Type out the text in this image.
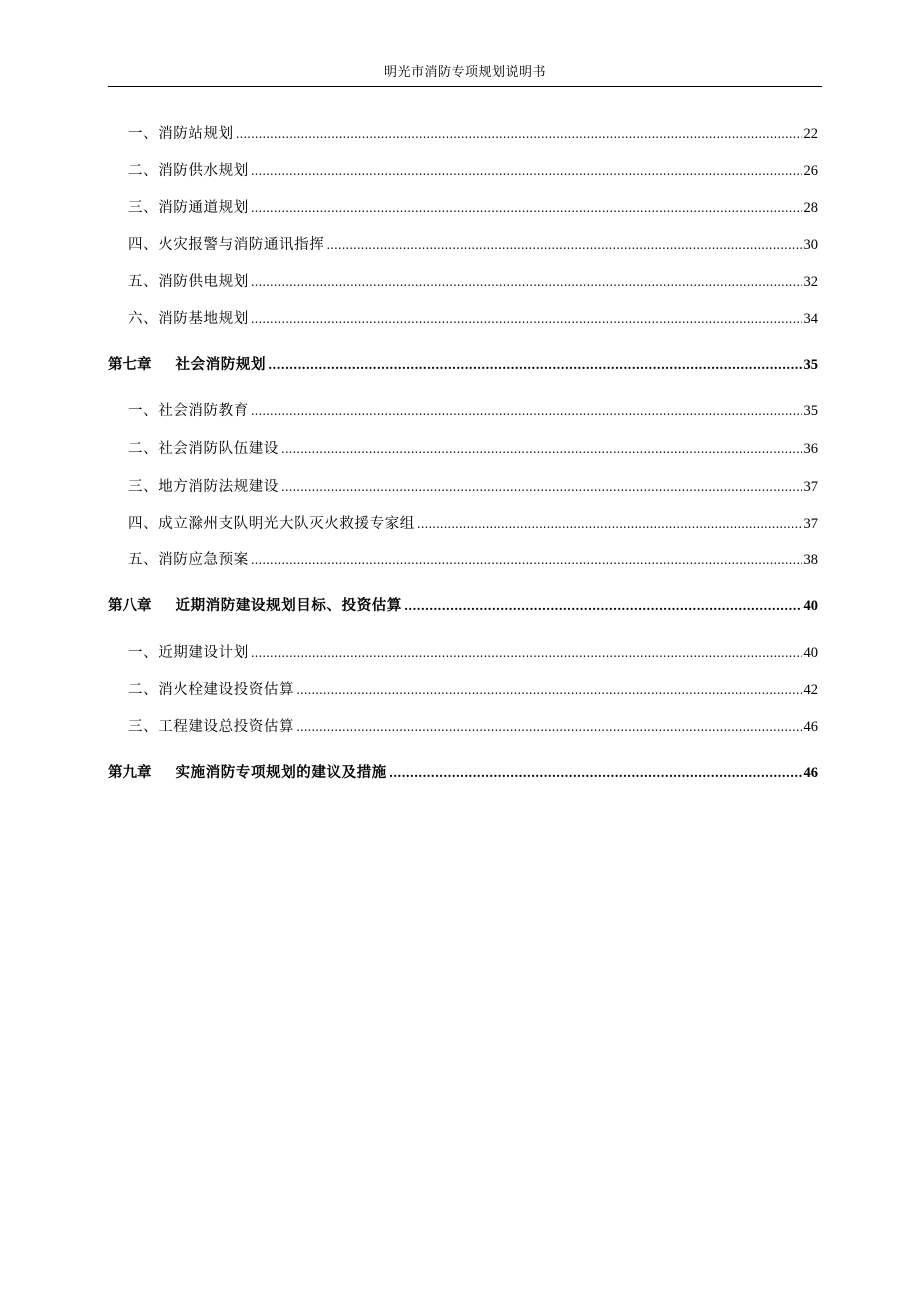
明光市消防专项规划说明书
一、消防站规划 .....	22
二、消防供水规划 .....	26
三、消防通道规划 .....	28
四、火灾报警与消防通讯指挥 .....	30
五、消防供电规划 .....	32
六、消防基地规划 .....	34
第七章 社会消防规划 .....	35
一、社会消防教育 .....	35
二、社会消防队伍建设 .....	36
三、地方消防法规建设 .....	37
四、成立滁州支队明光大队灭火救援专家组 .....	37
五、消防应急预案 .....	38
第八章 近期消防建设规划目标、投资估算 .....	40
一、近期建设计划 .....	40
二、消火栓建设投资估算 .....	42
三、工程建设总投资估算 .....	46
第九章 实施消防专项规划的建议及措施 .....	46
